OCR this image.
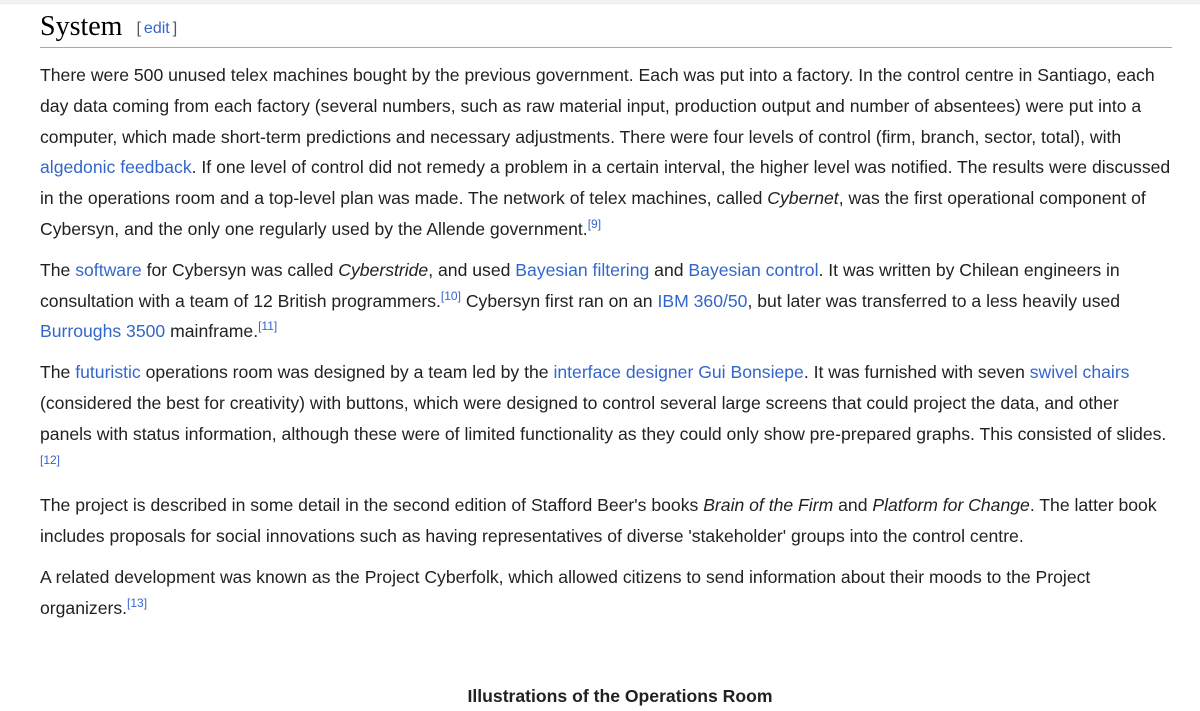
System [ edit ]

There were 500 unused telex machines bought by the previous government. Each was put into a factory. In the control centre in Santiago, each day data coming from each factory (several numbers, such as raw material input, production output and number of absentees) were put into a computer, which made short-term predictions and necessary adjustments. There were four levels of control (firm, branch, sector, total), with algedonic feedback. If one level of control did not remedy a problem in a certain interval, the higher level was notified. The results were discussed in the operations room and a top-level plan was made. The network of telex machines, called Cybernet, was the first operational component of Cybersyn, and the only one regularly used by the Allende government.[9]

The software for Cybersyn was called Cyberstride, and used Bayesian filtering and Bayesian control. It was written by Chilean engineers in consultation with a team of 12 British programmers.[10] Cybersyn first ran on an IBM 360/50, but later was transferred to a less heavily used Burroughs 3500 mainframe.[11]

The futuristic operations room was designed by a team led by the interface designer Gui Bonsiepe. It was furnished with seven swivel chairs (considered the best for creativity) with buttons, which were designed to control several large screens that could project the data, and other panels with status information, although these were of limited functionality as they could only show pre-prepared graphs. This consisted of slides.[12]

The project is described in some detail in the second edition of Stafford Beer's books Brain of the Firm and Platform for Change. The latter book includes proposals for social innovations such as having representatives of diverse 'stakeholder' groups into the control centre.

A related development was known as the Project Cyberfolk, which allowed citizens to send information about their moods to the Project organizers.[13]

Illustrations of the Operations Room
